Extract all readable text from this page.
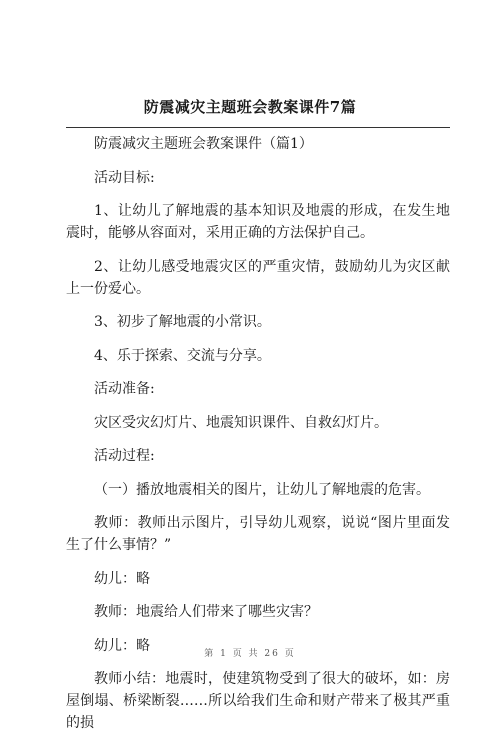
防震减灾主题班会教案课件7篇
防震减灾主题班会教案课件（篇1）
活动目标:
1、让幼儿了解地震的基本知识及地震的形成，在发生地震时，能够从容面对，采用正确的方法保护自己。
2、让幼儿感受地震灾区的严重灾情，鼓励幼儿为灾区献上一份爱心。
3、初步了解地震的小常识。
4、乐于探索、交流与分享。
活动准备:
灾区受灾幻灯片、地震知识课件、自救幻灯片。
活动过程:
（一）播放地震相关的图片，让幼儿了解地震的危害。
教师：教师出示图片，引导幼儿观察，说说“图片里面发生了什么事情？”
幼儿：略
教师：地震给人们带来了哪些灾害？
幼儿：略
教师小结：地震时，使建筑物受到了很大的破坏，如：房屋倒塌、桥梁断裂……所以给我们生命和财产带来了极其严重的损
第 1 页 共 26 页
